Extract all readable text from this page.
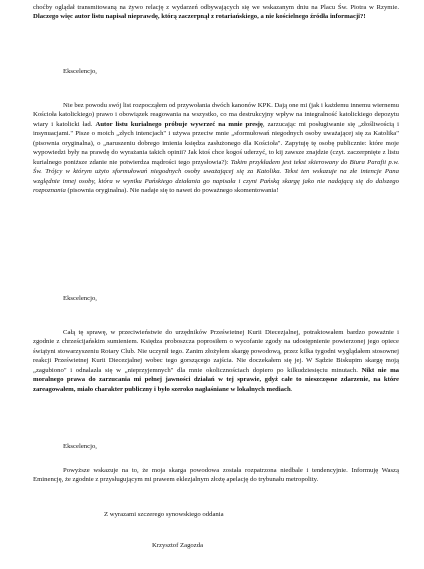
choćby oglądał transmitowaną na żywo relację z wydarzeń odbywających się we wskazanym dniu na Placu Św. Piotra w Rzymie. Dlaczego więc autor listu napisał nieprawdę, którą zaczerpnął z rotariańskiego, a nie kościelnego źródła informacji?!

Ekscelencjo,

Nie bez powodu swój list rozpocząłem od przywołania dwóch kanonów KPK. Dają one mi (jak i każdemu innemu wiernemu Kościoła katolickiego) prawo i obowiązek reagowania na wszystko, co ma destrukcyjny wpływ na integralność katolickiego depozytu wiary i katolicki ład. Autor listu kurialnego próbuje wywrzeć na mnie presję, zarzucając mi posługiwanie się „złośliwością i insynuacjami." Pisze o moich „złych intencjach" i używa przeciw mnie „sformułowań niegodnych osoby uważającej się za Katolika" (pisownia oryginalna), o „naruszeniu dobrego imienia księdza zasłużonego dla Kościoła". Zapytuję tę osobę publicznie: które moje wypowiedzi były na prawdę do wyrażania takich opinii? Jak ktoś chce kogoś uderzyć, to kij zawsze znajdzie (czyt. zaczerpnięte z listu kurialnego poniższe zdanie nie potwierdza mądrości tego przysłowia?): Takim przykładem jest tekst skierowany do Biura Parafii p.w. Św. Trójcy w którym użyto sformułowań niegodnych osoby uważającej się za Katolika. Tekst ten wskazuje na złe intencje Pana względnie innej osoby, która w wyniku Pańskiego działania go napisała i czyni Pańską skargę jako nie nadającą się do dalszego rozpoznania (pisownia oryginalna). Nie nadaje się to nawet do poważnego skomentowania!

Ekscelencjo,

Całą tę sprawę, w przeciwieństwie do urzędników Prześwietnej Kurii Diecezjalnej, potraktowałem bardzo poważnie i zgodnie z chrześcijańskim sumieniem. Księdza proboszcza poprosiłem o wycofanie zgody na udostępnienie powierzonej jego opiece świątyni stowarzyszeniu Rotary Club. Nie uczynił tego. Zanim złożyłem skargę powodową, przez kilka tygodni wyglądałem stosownej reakcji Prześwietnej Kurii Diecezjalnej wobec tego gorszącego zajścia. Nie doczekałem się jej. W Sądzie Biskupim skargę moją „zagubiono" i odnalazła się w „nieprzyjemnych" dla mnie okolicznościach dopiero po kilkudziesięciu minutach. Nikt nie ma moralnego prawa do zarzucania mi pełnej jawności działań w tej sprawie, gdyż całe to nieszczęsne zdarzenie, na które zareagowałem, miało charakter publiczny i było szeroko nagłaśniane w lokalnych mediach.

Ekscelencjo,

Powyższe wskazuje na to, że moja skarga powodowa została rozpatrzona niedbale i tendencyjnie. Informuję Waszą Eminencję, że zgodnie z przysługującym mi prawem eklezjalnym złożę apelację do trybunału metropolity.

Z wyrazami szczerego synowskiego oddania

Krzysztof Zagozda
